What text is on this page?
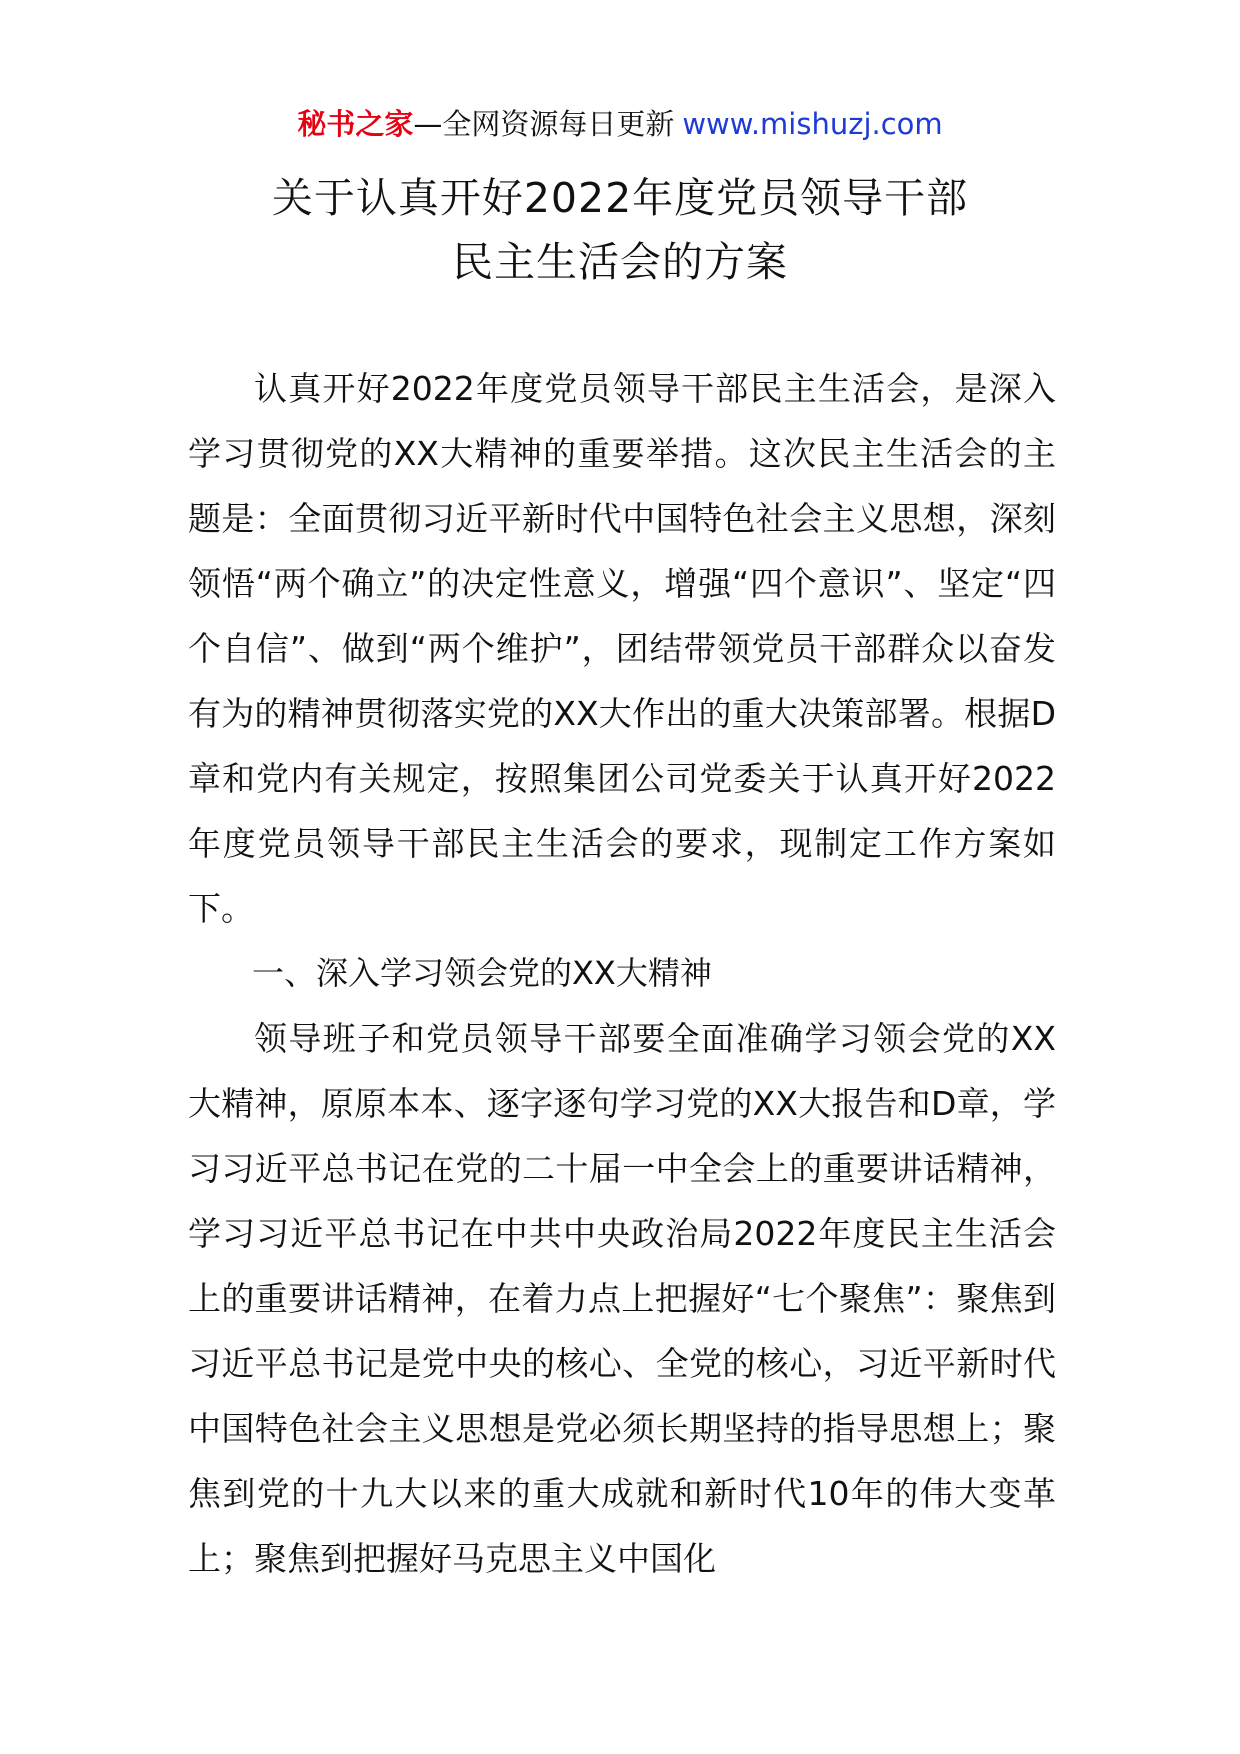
秘书之家—全网资源每日更新 www.mishuzj.com
关于认真开好2022年度党员领导干部
民主生活会的方案

认真开好2022年度党员领导干部民主生活会，是深入学习贯彻党的XX大精神的重要举措。这次民主生活会的主题是：全面贯彻习近平新时代中国特色社会主义思想，深刻领悟“两个确立”的决定性意义，增强“四个意识”、坚定“四个自信”、做到“两个维护”，团结带领党员干部群众以奋发有为的精神贯彻落实党的XX大作出的重大决策部署。根据D章和党内有关规定，按照集团公司党委关于认真开好2022年度党员领导干部民主生活会的要求，现制定工作方案如下。

一、深入学习领会党的XX大精神

领导班子和党员领导干部要全面准确学习领会党的XX大精神，原原本本、逐字逐句学习党的XX大报告和D章，学习习近平总书记在党的二十届一中全会上的重要讲话精神，学习习近平总书记在中共中央政治局2022年度民主生活会上的重要讲话精神，在着力点上把握好“七个聚焦”：聚焦到习近平总书记是党中央的核心、全党的核心，习近平新时代中国特色社会主义思想是党必须长期坚持的指导思想上；聚焦到党的十九大以来的重大成就和新时代10年的伟大变革上；聚焦到把握好马克思主义中国化
